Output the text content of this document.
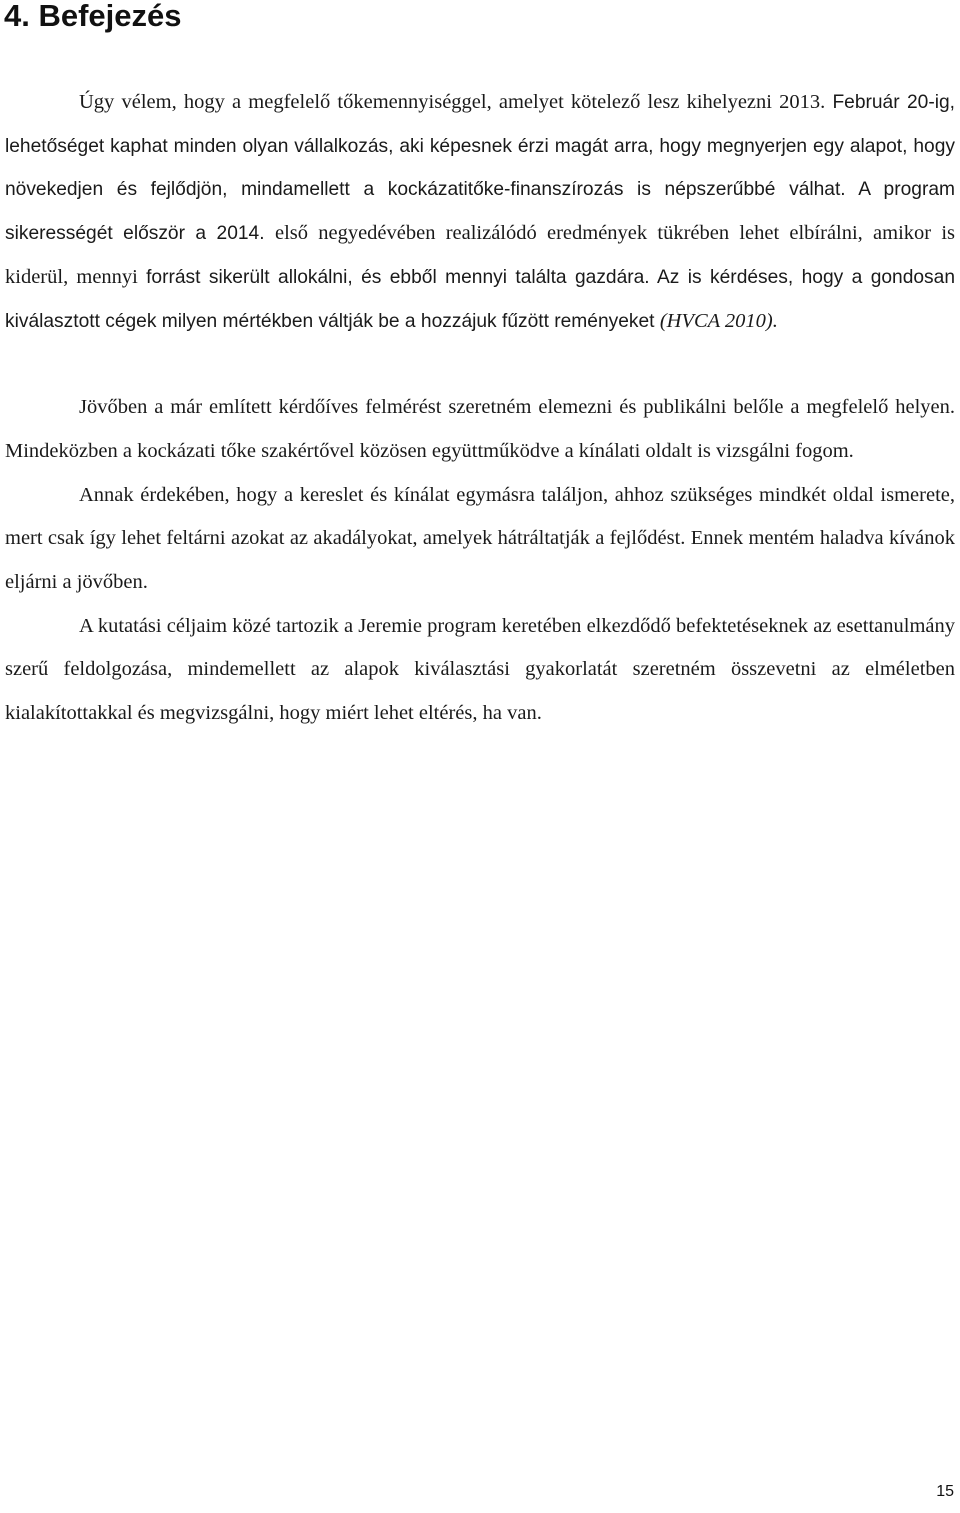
4. Befejezés

Úgy vélem, hogy a megfelelő tőkemennyiséggel, amelyet kötelező lesz kihelyezni 2013. Február 20-ig, lehetőséget kaphat minden olyan vállalkozás, aki képesnek érzi magát arra, hogy megnyerjen egy alapot, hogy növekedjen és fejlődjön, mindamellett a kockázatitőke-finanszírozás is népszerűbbé válhat. A program sikerességét először a 2014. első negyedévében realizálódó eredmények tükrében lehet elbírálni, amikor is kiderül, mennyi forrást sikerült allokálni, és ebből mennyi találta gazdára. Az is kérdéses, hogy a gondosan kiválasztott cégek milyen mértékben váltják be a hozzájuk fűzött reményeket (HVCA 2010).

Jövőben a már említett kérdőíves felmérést szeretném elemezni és publikálni belőle a megfelelő helyen. Mindeközben a kockázati tőke szakértővel közösen együttműködve a kínálati oldalt is vizsgálni fogom.

Annak érdekében, hogy a kereslet és kínálat egymásra találjon, ahhoz szükséges mindkét oldal ismerete, mert csak így lehet feltárni azokat az akadályokat, amelyek hátráltatják a fejlődést. Ennek mentém haladva kívánok eljárni a jövőben.

A kutatási céljaim közé tartozik a Jeremie program keretében elkezdődő befektetéseknek az esettanulmány szerű feldolgozása, mindemellett az alapok kiválasztási gyakorlatát szeretném összevetni az elméletben kialakítottakkal és megvizsgálni, hogy miért lehet eltérés, ha van.

15
